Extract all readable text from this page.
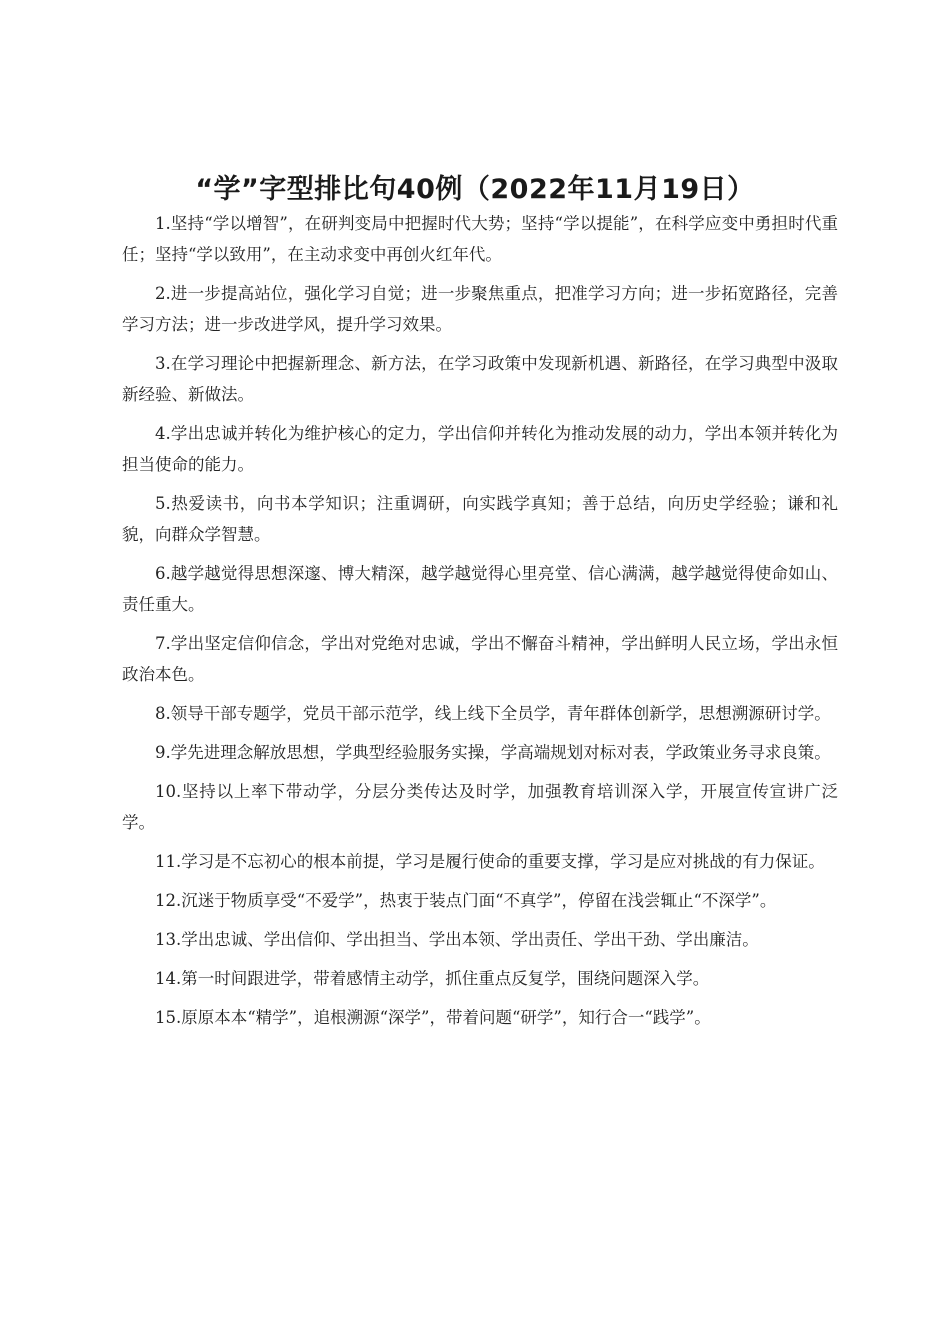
“学”字型排比句40例（2022年11月19日）

1.坚持“学以增智”，在研判变局中把握时代大势；坚持“学以提能”，在科学应变中勇担时代重任；坚持“学以致用”，在主动求变中再创火红年代。

2.进一步提高站位，强化学习自觉；进一步聚焦重点，把准学习方向；进一步拓宽路径，完善学习方法；进一步改进学风，提升学习效果。

3.在学习理论中把握新理念、新方法，在学习政策中发现新机遇、新路径，在学习典型中汲取新经验、新做法。

4.学出忠诚并转化为维护核心的定力，学出信仰并转化为推动发展的动力，学出本领并转化为担当使命的能力。

5.热爱读书，向书本学知识；注重调研，向实践学真知；善于总结，向历史学经验；谦和礼貌，向群众学智慧。

6.越学越觉得思想深邃、博大精深，越学越觉得心里亮堂、信心满满，越学越觉得使命如山、责任重大。

7.学出坚定信仰信念，学出对党绝对忠诚，学出不懈奋斗精神，学出鲜明人民立场，学出永恒政治本色。

8.领导干部专题学，党员干部示范学，线上线下全员学，青年群体创新学，思想溯源研讨学。

9.学先进理念解放思想，学典型经验服务实操，学高端规划对标对表，学政策业务寻求良策。

10.坚持以上率下带动学，分层分类传达及时学，加强教育培训深入学，开展宣传宣讲广泛学。

11.学习是不忘初心的根本前提，学习是履行使命的重要支撑，学习是应对挑战的有力保证。

12.沉迷于物质享受“不爱学”，热衷于装点门面“不真学”，停留在浅尝辄止“不深学”。

13.学出忠诚、学出信仰、学出担当、学出本领、学出责任、学出干劲、学出廉洁。

14.第一时间跟进学，带着感情主动学，抓住重点反复学，围绕问题深入学。

15.原原本本“精学”，追根溯源“深学”，带着问题“研学”，知行合一“践学”。
